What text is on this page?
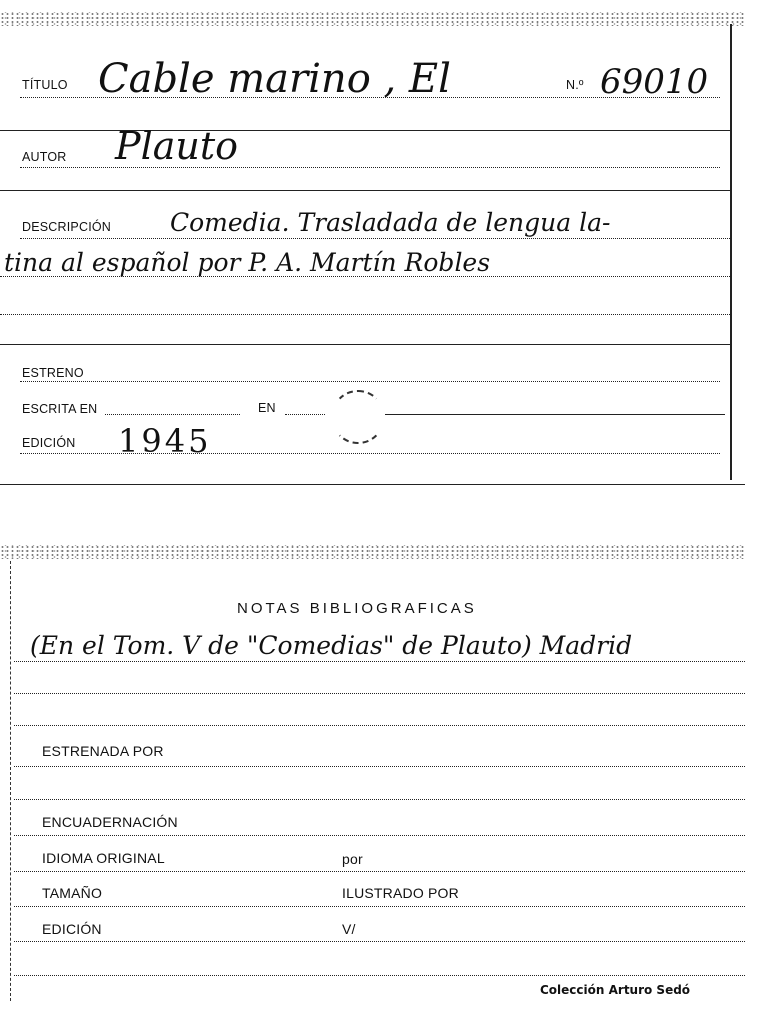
TÍTULO Cable marino , El	N.º 69010
AUTOR Plauto
DESCRIPCIÓN Comedia. Trasladada de lengua la-
tina al español por P. A. Martín Robles
ESTRENO
ESCRITA EN	EN
EDICIÓN 1945
NOTAS BIBLIOGRAFICAS
(En el Tom. V de "Comedias" de Plauto) Madrid
ESTRENADA POR
ENCUADERNACIÓN
IDIOMA ORIGINAL	por
TAMAÑO	ILUSTRADO POR
EDICIÓN	V/
Colección Arturo Sedó
